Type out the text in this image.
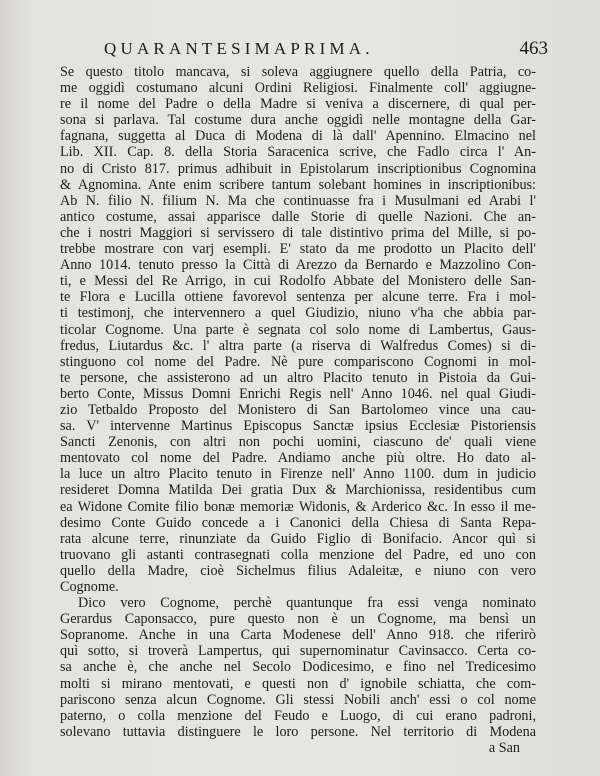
QUARANTESIMAPRIMA.	463
Se questo titolo mancava, si soleva aggiugnere quello della Patria, co-
me oggidì costumano alcuni Ordini Religiosi. Finalmente coll' aggiugne-
re il nome del Padre o della Madre si veniva a discernere, di qual per-
sona si parlava. Tal costume dura anche oggidì nelle montagne della Gar-
fagnana, suggetta al Duca di Modena di là dall' Apennino. Elmacino nel
Lib. XII. Cap. 8. della Storia Saracenica scrive, che Fadlo circa l' An-
no di Cristo 817. primus adhibuit in Epistolarum inscriptionibus Cognomina
& Agnomina. Ante enim scribere tantum solebant homines in inscriptionibus:
Ab N. filio N. filium N. Ma che continuasse fra i Musulmani ed Arabi l'
antico costume, assai apparisce dalle Storie di quelle Nazioni. Che an-
che i nostri Maggiori si servissero di tale distintivo prima del Mille, si po-
trebbe mostrare con varj esempli. E' stato da me prodotto un Placito dell'
Anno 1014. tenuto presso la Città di Arezzo da Bernardo e Mazzolino Con-
ti, e Messi del Re Arrigo, in cui Rodolfo Abbate del Monistero delle San-
te Flora e Lucilla ottiene favorevol sentenza per alcune terre. Fra i mol-
ti testimonj, che intervennero a quel Giudizio, niuno v'ha che abbia par-
ticolar Cognome. Una parte è segnata col solo nome di Lambertus, Gaus-
fredus, Liutardus &c. l' altra parte (a riserva di Walfredus Comes) si di-
stinguono col nome del Padre. Nè pure compariscono Cognomi in mol-
te persone, che assisterono ad un altro Placito tenuto in Pistoia da Gui-
berto Conte, Missus Domni Enrichi Regis nell' Anno 1046. nel qual Giudi-
zio Tetbaldo Proposto del Monistero di San Bartolomeo vince una cau-
sa. V' intervenne Martinus Episcopus Sanctæ ipsius Ecclesiæ Pistoriensis
Sancti Zenonis, con altri non pochi uomini, ciascuno de' quali viene
mentovato col nome del Padre. Andiamo anche più oltre. Ho dato al-
la luce un altro Placito tenuto in Firenze nell' Anno 1100. dum in judicio
resideret Domna Matilda Dei gratia Dux & Marchionissa, residentibus cum
ea Widone Comite filio bonæ memoriæ Widonis, & Arderico &c. In esso il me-
desimo Conte Guido concede a i Canonici della Chiesa di Santa Repa-
rata alcune terre, rinunziate da Guido Figlio di Bonifacio. Ancor quì si
truovano gli astanti contrasegnati colla menzione del Padre, ed uno con
quello della Madre, cioè Sichelmus filius Adaleitæ, e niuno con vero
Cognome.
Dico vero Cognome, perchè quantunque fra essi venga nominato
Gerardus Caponsacco, pure questo non è un Cognome, ma bensì un
Sopranome. Anche in una Carta Modenese dell' Anno 918. che riferirò
quì sotto, si troverà Lampertus, qui supernominatur Cavinsacco. Certa co-
sa anche è, che anche nel Secolo Dodicesimo, e fino nel Tredicesimo
molti si mirano mentovati, e questi non d' ignobile schiatta, che com-
pariscono senza alcun Cognome. Gli stessi Nobili anch' essi o col nome
paterno, o colla menzione del Feudo e Luogo, di cui erano padroni,
solevano tuttavia distinguere le loro persone. Nel territorio di Modena
a San
